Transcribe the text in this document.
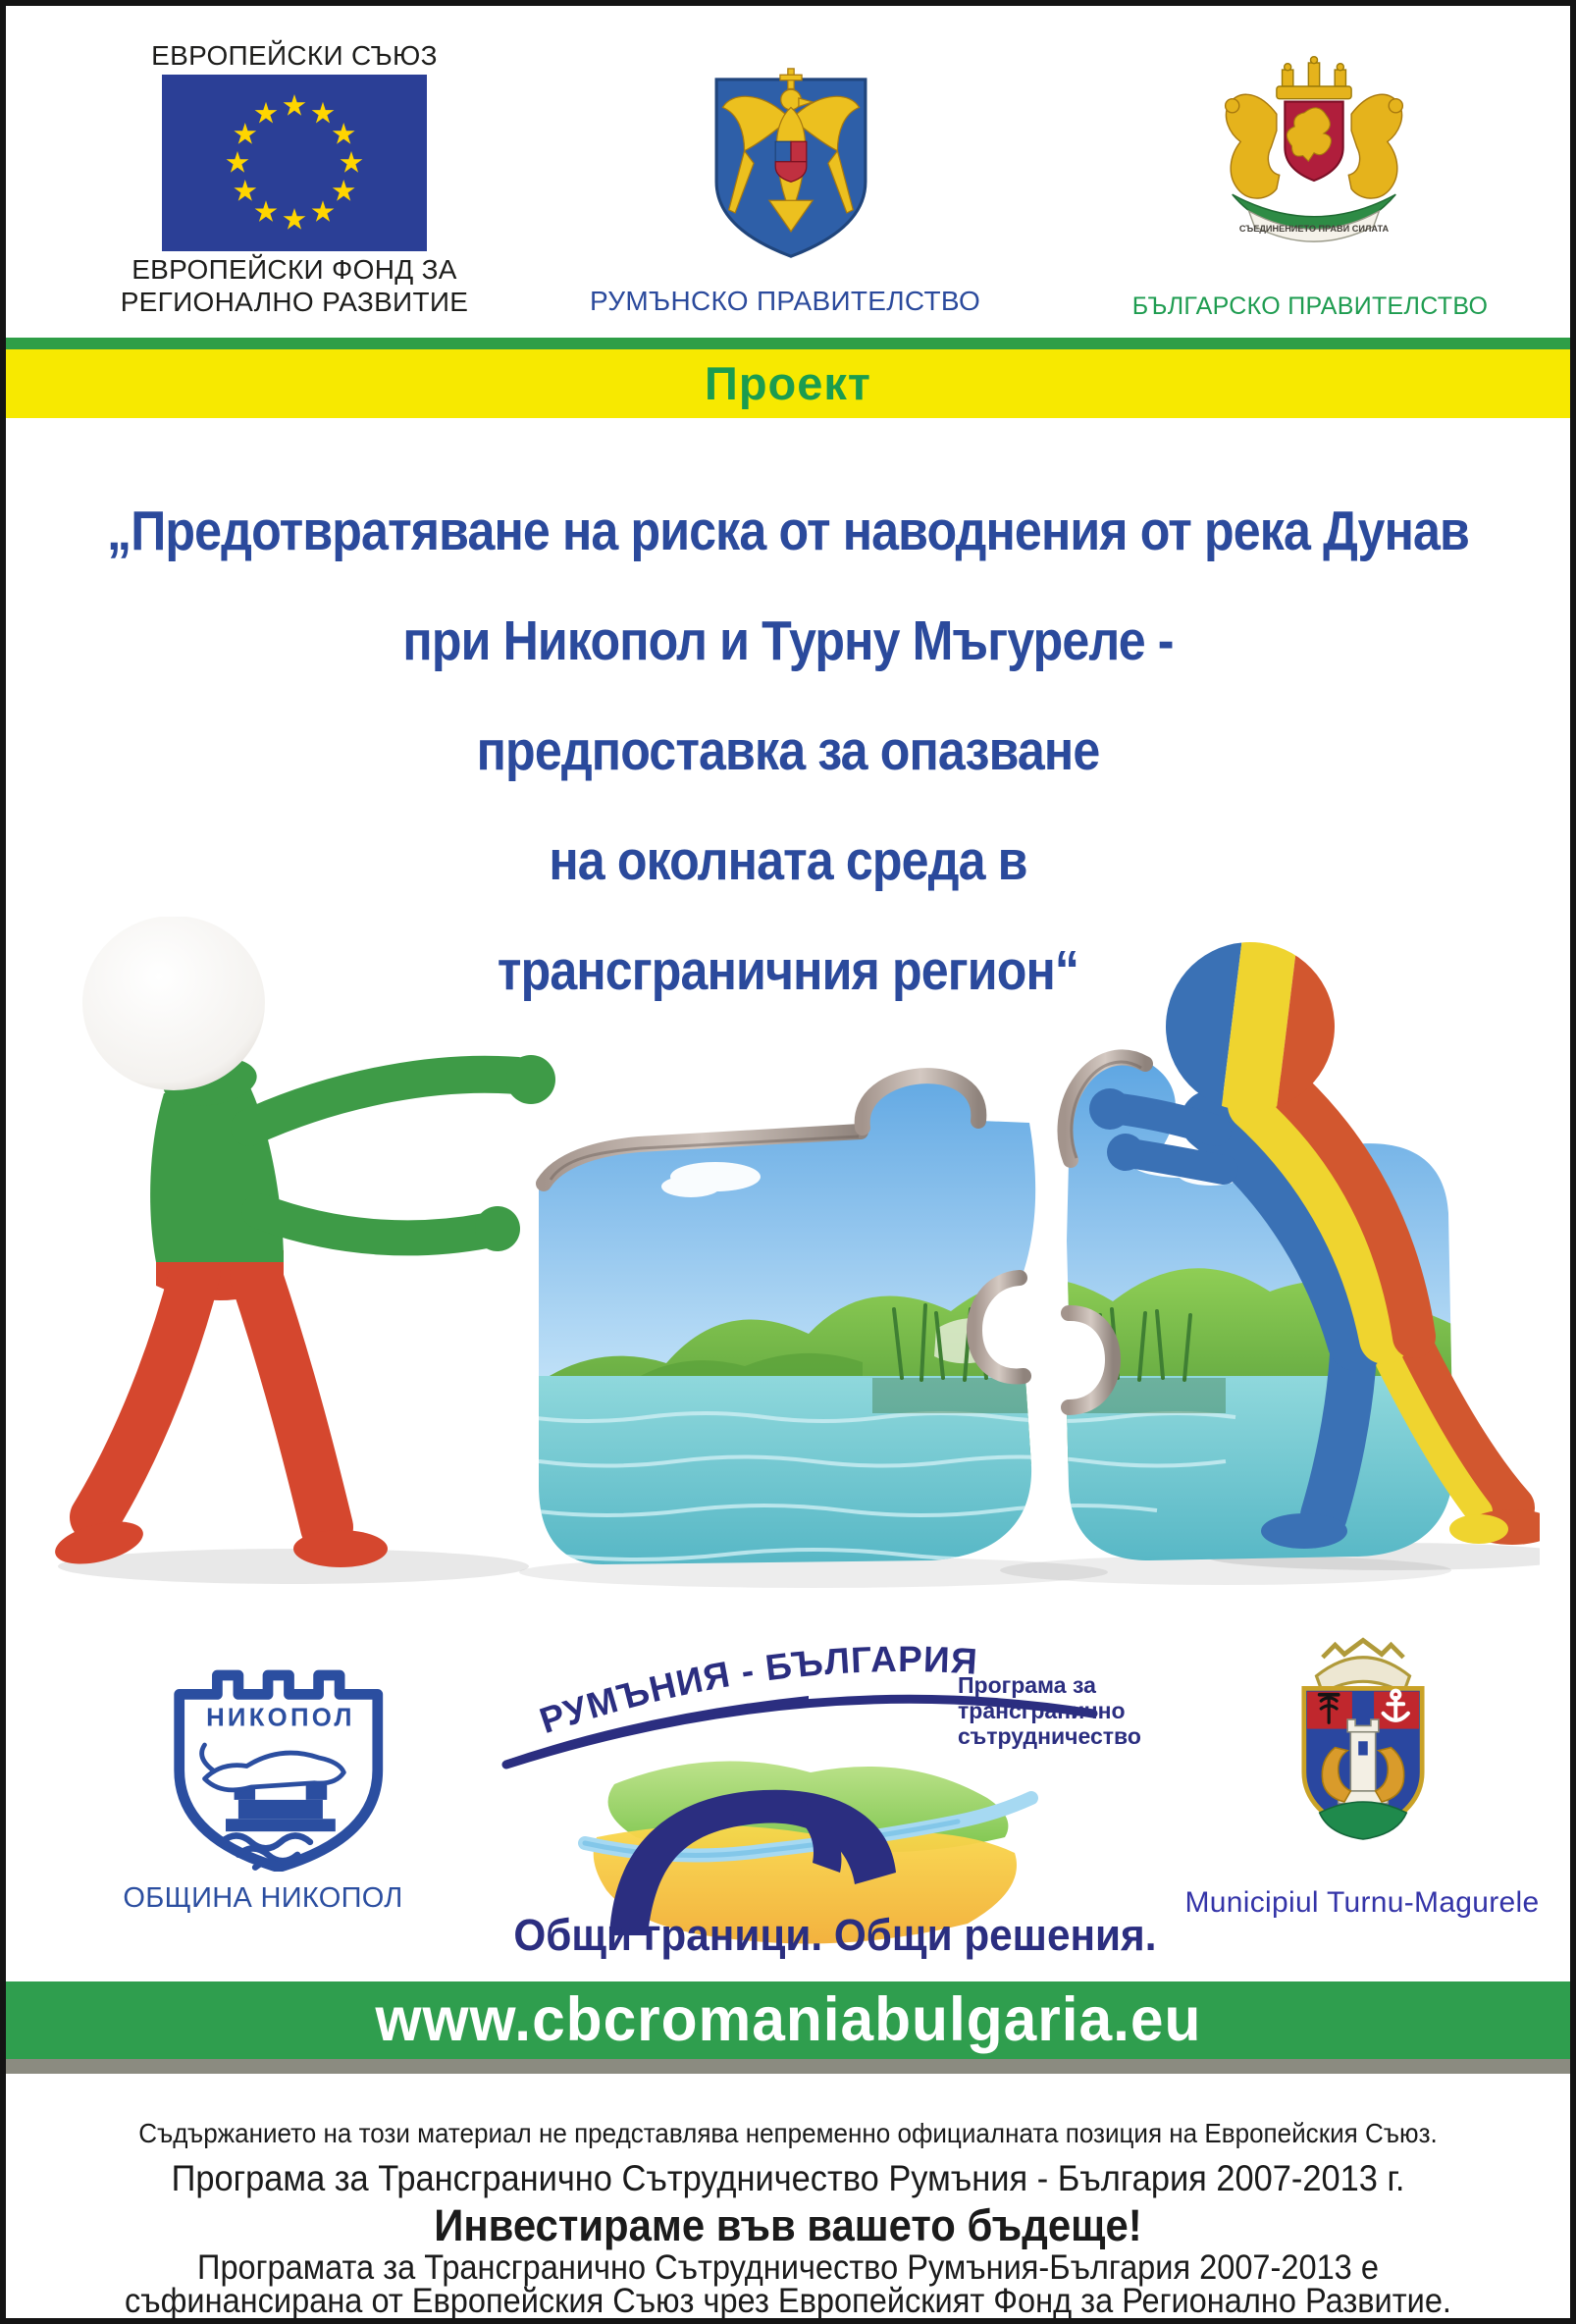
ЕВРОПЕЙСКИ СЪЮЗ
ЕВРОПЕЙСКИ ФОНД ЗА
РЕГИОНАЛНО РАЗВИТИЕ	РУМЪНСКО ПРАВИТЕЛСТВО
СЪЕДИНЕНИЕТО ПРАВИ СИЛАТА
БЪЛГАРСКО ПРАВИТЕЛСТВО
Проект
„Предотвратяване на риска от наводнения от река Дунав
при Никопол и Турну Мъгуреле -
предпоставка за опазване
на околната среда в
трансграничния регион“
НИКОПОЛ
ОБЩИНА НИКОПОЛ
РУМЪНИЯ - БЪЛГАРИЯ
Програма за
трансгранично
сътрудничество
Общи граници. Общи решения.
Municipiul Turnu-Magurele
www.cbcromaniabulgaria.eu
Съдържанието на този материал не представлява непременно официалната позиция на Европейския Съюз.
Програма за Трансгранично Сътрудничество Румъния - България 2007-2013 г.
Инвестираме във вашето бъдеще!
Програмата за Трансгранично Сътрудничество Румъния-България 2007-2013 е
съфинансирана от Европейския Съюз чрез Европейският Фонд за Регионално Развитие.
